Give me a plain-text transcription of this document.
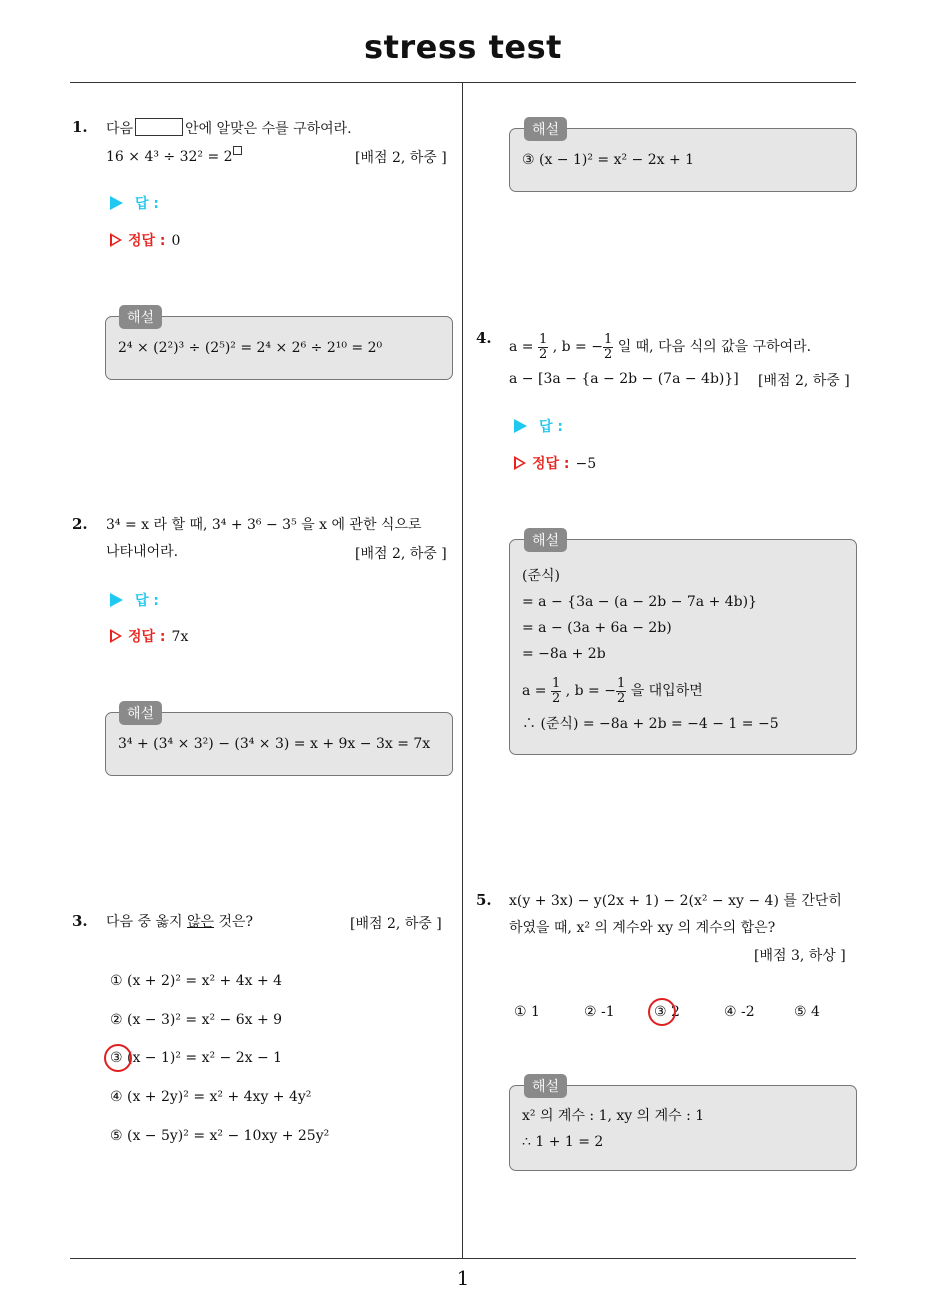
stress test
1
1. 다음	안에 알맞은 수를 구하여라.
16 × 4³ ÷ 32² = 2	[배점 2, 하중 ]
답 :
정답 : 0
해설
2⁴ × (2²)³ ÷ (2⁵)² = 2⁴ × 2⁶ ÷ 2¹⁰ = 2⁰
2. 3⁴ = x 라 할 때, 3⁴ + 3⁶ − 3⁵ 을 x 에 관한 식으로
나타내어라.	[배점 2, 하중 ]
답 :
정답 : 7x
해설
3⁴ + (3⁴ × 3²) − (3⁴ × 3) = x + 9x − 3x = 7x
3. 다음 중 옳지 않은 것은?	[배점 2, 하중 ]
① (x + 2)² = x² + 4x + 4
② (x − 3)² = x² − 6x + 9
③ (x − 1)² = x² − 2x − 1
④ (x + 2y)² = x² + 4xy + 4y²
⑤ (x − 5y)² = x² − 10xy + 25y²
해설
③ (x − 1)² = x² − 2x + 1
4. $a = \frac{1}{2}$ , b = − $\frac{1}{2}$ 일 때, 다음 식의 값을 구하여라.
a − [3a − {a − 2b − (7a − 4b)}] [배점 2, 하중 ]
답 :
정답 : −5
해설
(준식)
= a − {3a − (a − 2b − 7a + 4b)}
= a − (3a + 6a − 2b)
= −8a + 2b
$a = \frac{1}{2}$ , b = − $\frac{1}{2}$ 을 대입하면
∴ (준식) = −8a + 2b = −4 − 1 = −5
5. x(y + 3x) − y(2x + 1) − 2(x² − xy − 4) 를 간단히
하였을 때, x² 의 계수와 xy 의 계수의 합은?
[배점 3, 하상 ]
① 1	② -1	③ 2	④ -2	⑤ 4
해설
x² 의 계수 : 1, xy 의 계수 : 1
∴ 1 + 1 = 2
